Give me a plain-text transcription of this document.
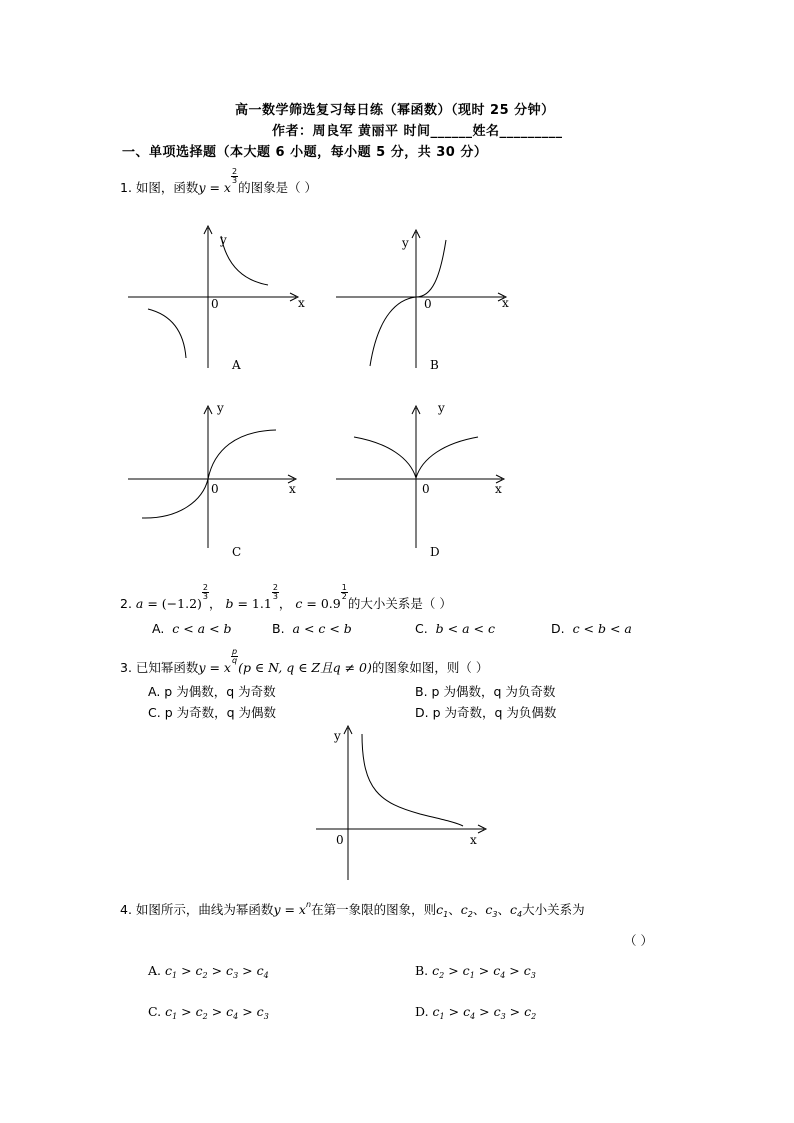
高一数学筛选复习每日练（幂函数）（现时 25 分钟）
作者：周良军 黄丽平 时间______姓名_________
一、单项选择题（本大题 6 小题，每小题 5 分，共 30 分）
1. 如图，函数y = x
$\frac{2}{3}$
的图象是（ ）
y
x
0
A
y
x
0
B
y
x
0
C
y
x
0
D
2. a = (−1.2)
$\frac{2}{3}$
， b = 1.1
$\frac{2}{3}$
， c = 0.9
$\frac{1}{2}$
的大小关系是（ ）
A. c < a < b	B. a < c < b	C. b < a < c	D. c < b < a
3. 已知幂函数y = x
$\frac{p}{q}$
(p ∈ N, q ∈ Z且q ≠ 0)的图象如图，则（ ）
A. p 为偶数，q 为奇数	B. p 为偶数，q 为负奇数
C. p 为奇数，q 为偶数	D. p 为奇数，q 为负偶数
y
x
0
4. 如图所示，曲线为幂函数$y = x^n$在第一象限的图象，则$c_1$、$c_2$、$c_3$、$c_4$大小关系为
（ ）
A. $c_1 > c_2 > c_3 > c_4$	B. $c_2 > c_1 > c_4 > c_3$
C. $c_1 > c_2 > c_4 > c_3$	D. $c_1 > c_4 > c_3 > c_2$
